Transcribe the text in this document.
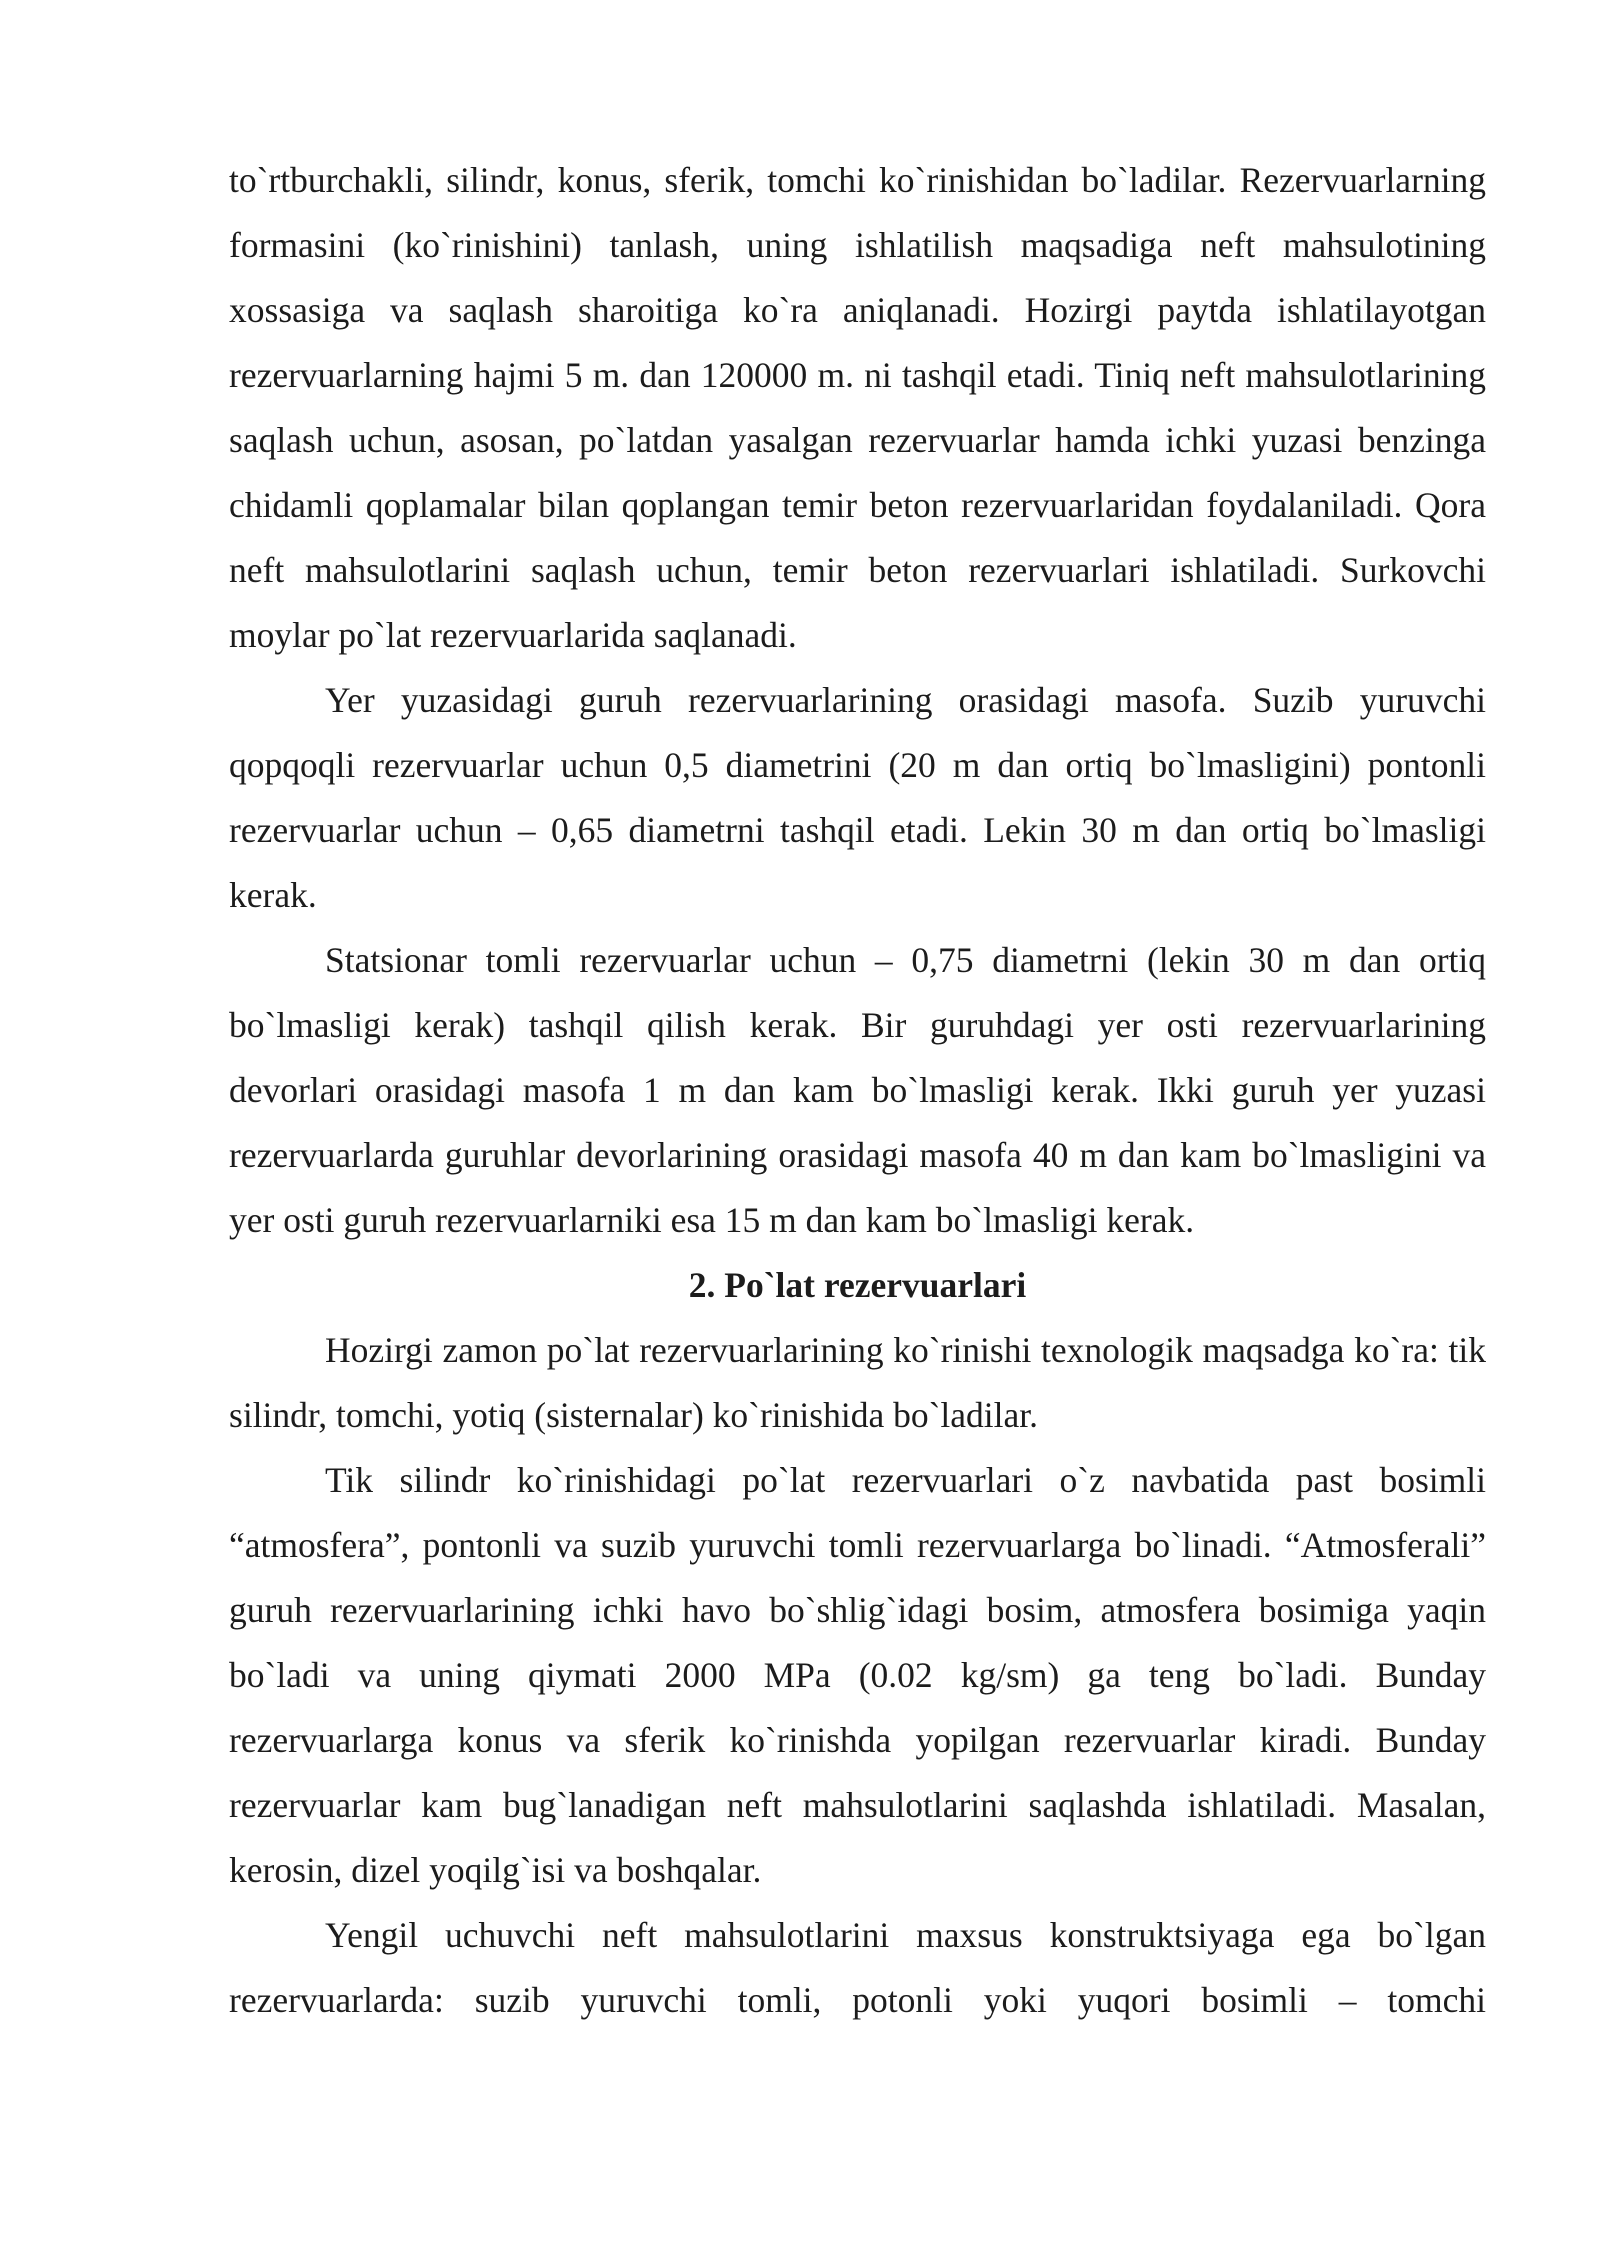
to`rtburchakli, silindr, konus, sferik, tomchi ko`rinishidan bo`ladilar. Rezervuarlarning formasini (ko`rinishini) tanlash, uning ishlatilish maqsadiga neft mahsulotining xossasiga va saqlash sharoitiga ko`ra aniqlanadi. Hozirgi paytda ishlatilayotgan rezervuarlarning hajmi 5 m. dan 120000 m. ni tashqil etadi. Tiniq neft mahsulotlarining saqlash uchun, asosan, po`latdan yasalgan rezervuarlar hamda ichki yuzasi benzinga chidamli qoplamalar bilan qoplangan temir beton rezervuarlaridan foydalaniladi. Qora neft mahsulotlarini saqlash uchun, temir beton rezervuarlari ishlatiladi. Surkovchi moylar po`lat rezervuarlarida saqlanadi.

Yer yuzasidagi guruh rezervuarlarining orasidagi masofa. Suzib yuruvchi qopqoqli rezervuarlar uchun 0,5 diametrini (20 m dan ortiq bo`lmasligini) pontonli rezervuarlar uchun – 0,65 diametrni tashqil etadi. Lekin 30 m dan ortiq bo`lmasligi kerak.

Statsionar tomli rezervuarlar uchun – 0,75 diametrni (lekin 30 m dan ortiq bo`lmasligi kerak) tashqil qilish kerak. Bir guruhdagi yer osti rezervuarlarining devorlari orasidagi masofa 1 m dan kam bo`lmasligi kerak. Ikki guruh yer yuzasi rezervuarlarda guruhlar devorlarining orasidagi masofa 40 m dan kam bo`lmasligini va yer osti guruh rezervuarlarniki esa 15 m dan kam bo`lmasligi kerak.

2. Po`lat rezervuarlari

Hozirgi zamon po`lat rezervuarlarining ko`rinishi texnologik maqsadga ko`ra: tik silindr, tomchi, yotiq (sisternalar) ko`rinishida bo`ladilar.

Tik silindr ko`rinishidagi po`lat rezervuarlari o`z navbatida past bosimli “atmosfera”, pontonli va suzib yuruvchi tomli rezervuarlarga bo`linadi. “Atmosferali” guruh rezervuarlarining ichki havo bo`shlig`idagi bosim, atmosfera bosimiga yaqin bo`ladi va uning qiymati 2000 MPa (0.02 kg/sm) ga teng bo`ladi. Bunday rezervuarlarga konus va sferik ko`rinishda yopilgan rezervuarlar kiradi. Bunday rezervuarlar kam bug`lanadigan neft mahsulotlarini saqlashda ishlatiladi. Masalan, kerosin, dizel yoqilg`isi va boshqalar.

Yengil uchuvchi neft mahsulotlarini maxsus konstruktsiyaga ega bo`lgan rezervuarlarda: suzib yuruvchi tomli, potonli yoki yuqori bosimli – tomchi
